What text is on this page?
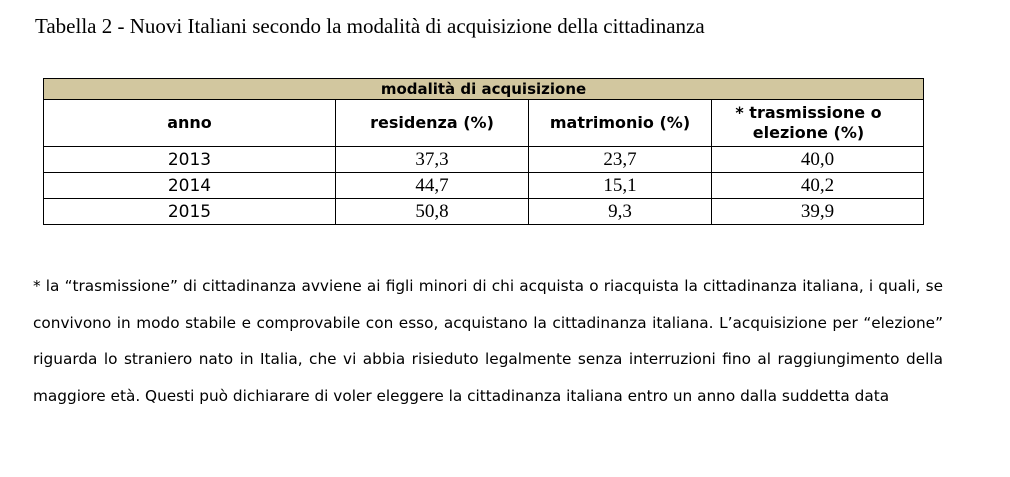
Tabella 2 - Nuovi Italiani secondo la modalità di acquisizione della cittadinanza
modalità di acquisizione			
anno	residenza (%)	matrimonio (%)	* trasmissione o elezione (%)
2013	37,3	23,7	40,0
2014	44,7	15,1	40,2
2015	50,8	9,3	39,9
* la “trasmissione” di cittadinanza avviene ai figli minori di chi acquista o riacquista la cittadinanza italiana, i quali, se convivono in modo stabile e comprovabile con esso, acquistano la cittadinanza italiana. L’acquisizione per “elezione” riguarda lo straniero nato in Italia, che vi abbia risieduto legalmente senza interruzioni fino al raggiungimento della maggiore età. Questi può dichiarare di voler eleggere la cittadinanza italiana entro un anno dalla suddetta data
